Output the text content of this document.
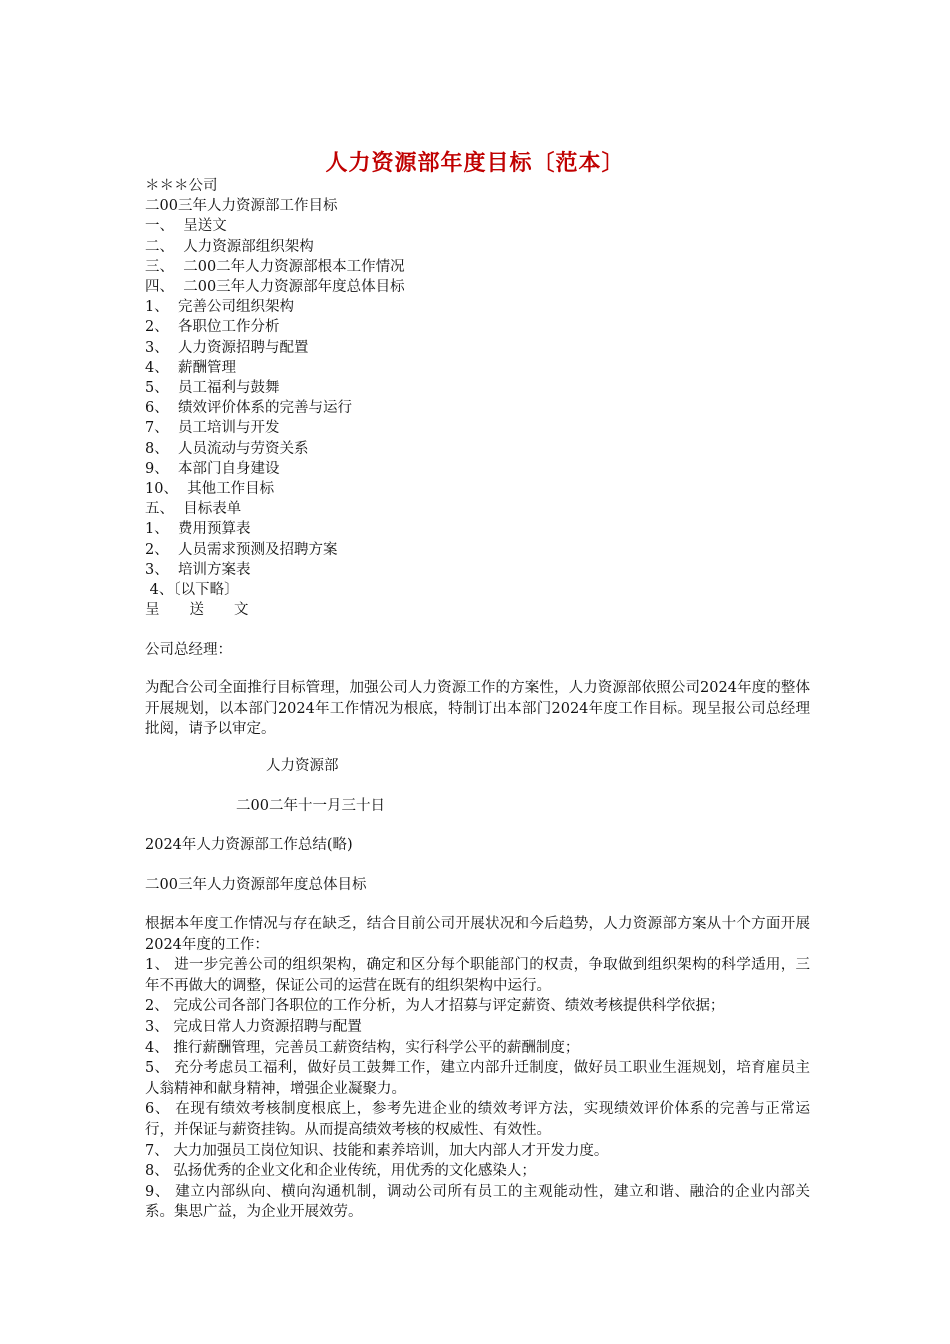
人力资源部年度目标〔范本〕
＊＊＊公司
二00三年人力资源部工作目标
一、  呈送文
二、  人力资源部组织架构
三、  二00二年人力资源部根本工作情况
四、  二00三年人力资源部年度总体目标
1、  完善公司组织架构
2、  各职位工作分析
3、  人力资源招聘与配置
4、  薪酬管理
5、  员工福利与鼓舞
6、  绩效评价体系的完善与运行
7、  员工培训与开发
8、  人员流动与劳资关系
9、  本部门自身建设
10、  其他工作目标
五、  目标表单
1、  费用预算表
2、  人员需求预测及招聘方案
3、  培训方案表
4、〔以下略〕
呈送文
公司总经理：
为配合公司全面推行目标管理，加强公司人力资源工作的方案性，人力资源部依照公司2024年度的整体开展规划，以本部门2024年工作情况为根底，特制订出本部门2024年度工作目标。现呈报公司总经理批阅，请予以审定。
人力资源部
二00二年十一月三十日
2024年人力资源部工作总结(略)
二00三年人力资源部年度总体目标
根据本年度工作情况与存在缺乏，结合目前公司开展状况和今后趋势，人力资源部方案从十个方面开展2024年度的工作：
1、 进一步完善公司的组织架构，确定和区分每个职能部门的权责，争取做到组织架构的科学适用，三年不再做大的调整，保证公司的运营在既有的组织架构中运行。
2、 完成公司各部门各职位的工作分析，为人才招募与评定薪资、绩效考核提供科学依据；
3、 完成日常人力资源招聘与配置
4、 推行薪酬管理，完善员工薪资结构，实行科学公平的薪酬制度；
5、 充分考虑员工福利，做好员工鼓舞工作，建立内部升迁制度，做好员工职业生涯规划，培育雇员主人翁精神和献身精神，增强企业凝聚力。
6、 在现有绩效考核制度根底上，参考先进企业的绩效考评方法，实现绩效评价体系的完善与正常运行，并保证与薪资挂钩。从而提高绩效考核的权威性、有效性。
7、 大力加强员工岗位知识、技能和素养培训，加大内部人才开发力度。
8、 弘扬优秀的企业文化和企业传统，用优秀的文化感染人；
9、 建立内部纵向、横向沟通机制，调动公司所有员工的主观能动性，建立和谐、融洽的企业内部关系。集思广益，为企业开展效劳。
